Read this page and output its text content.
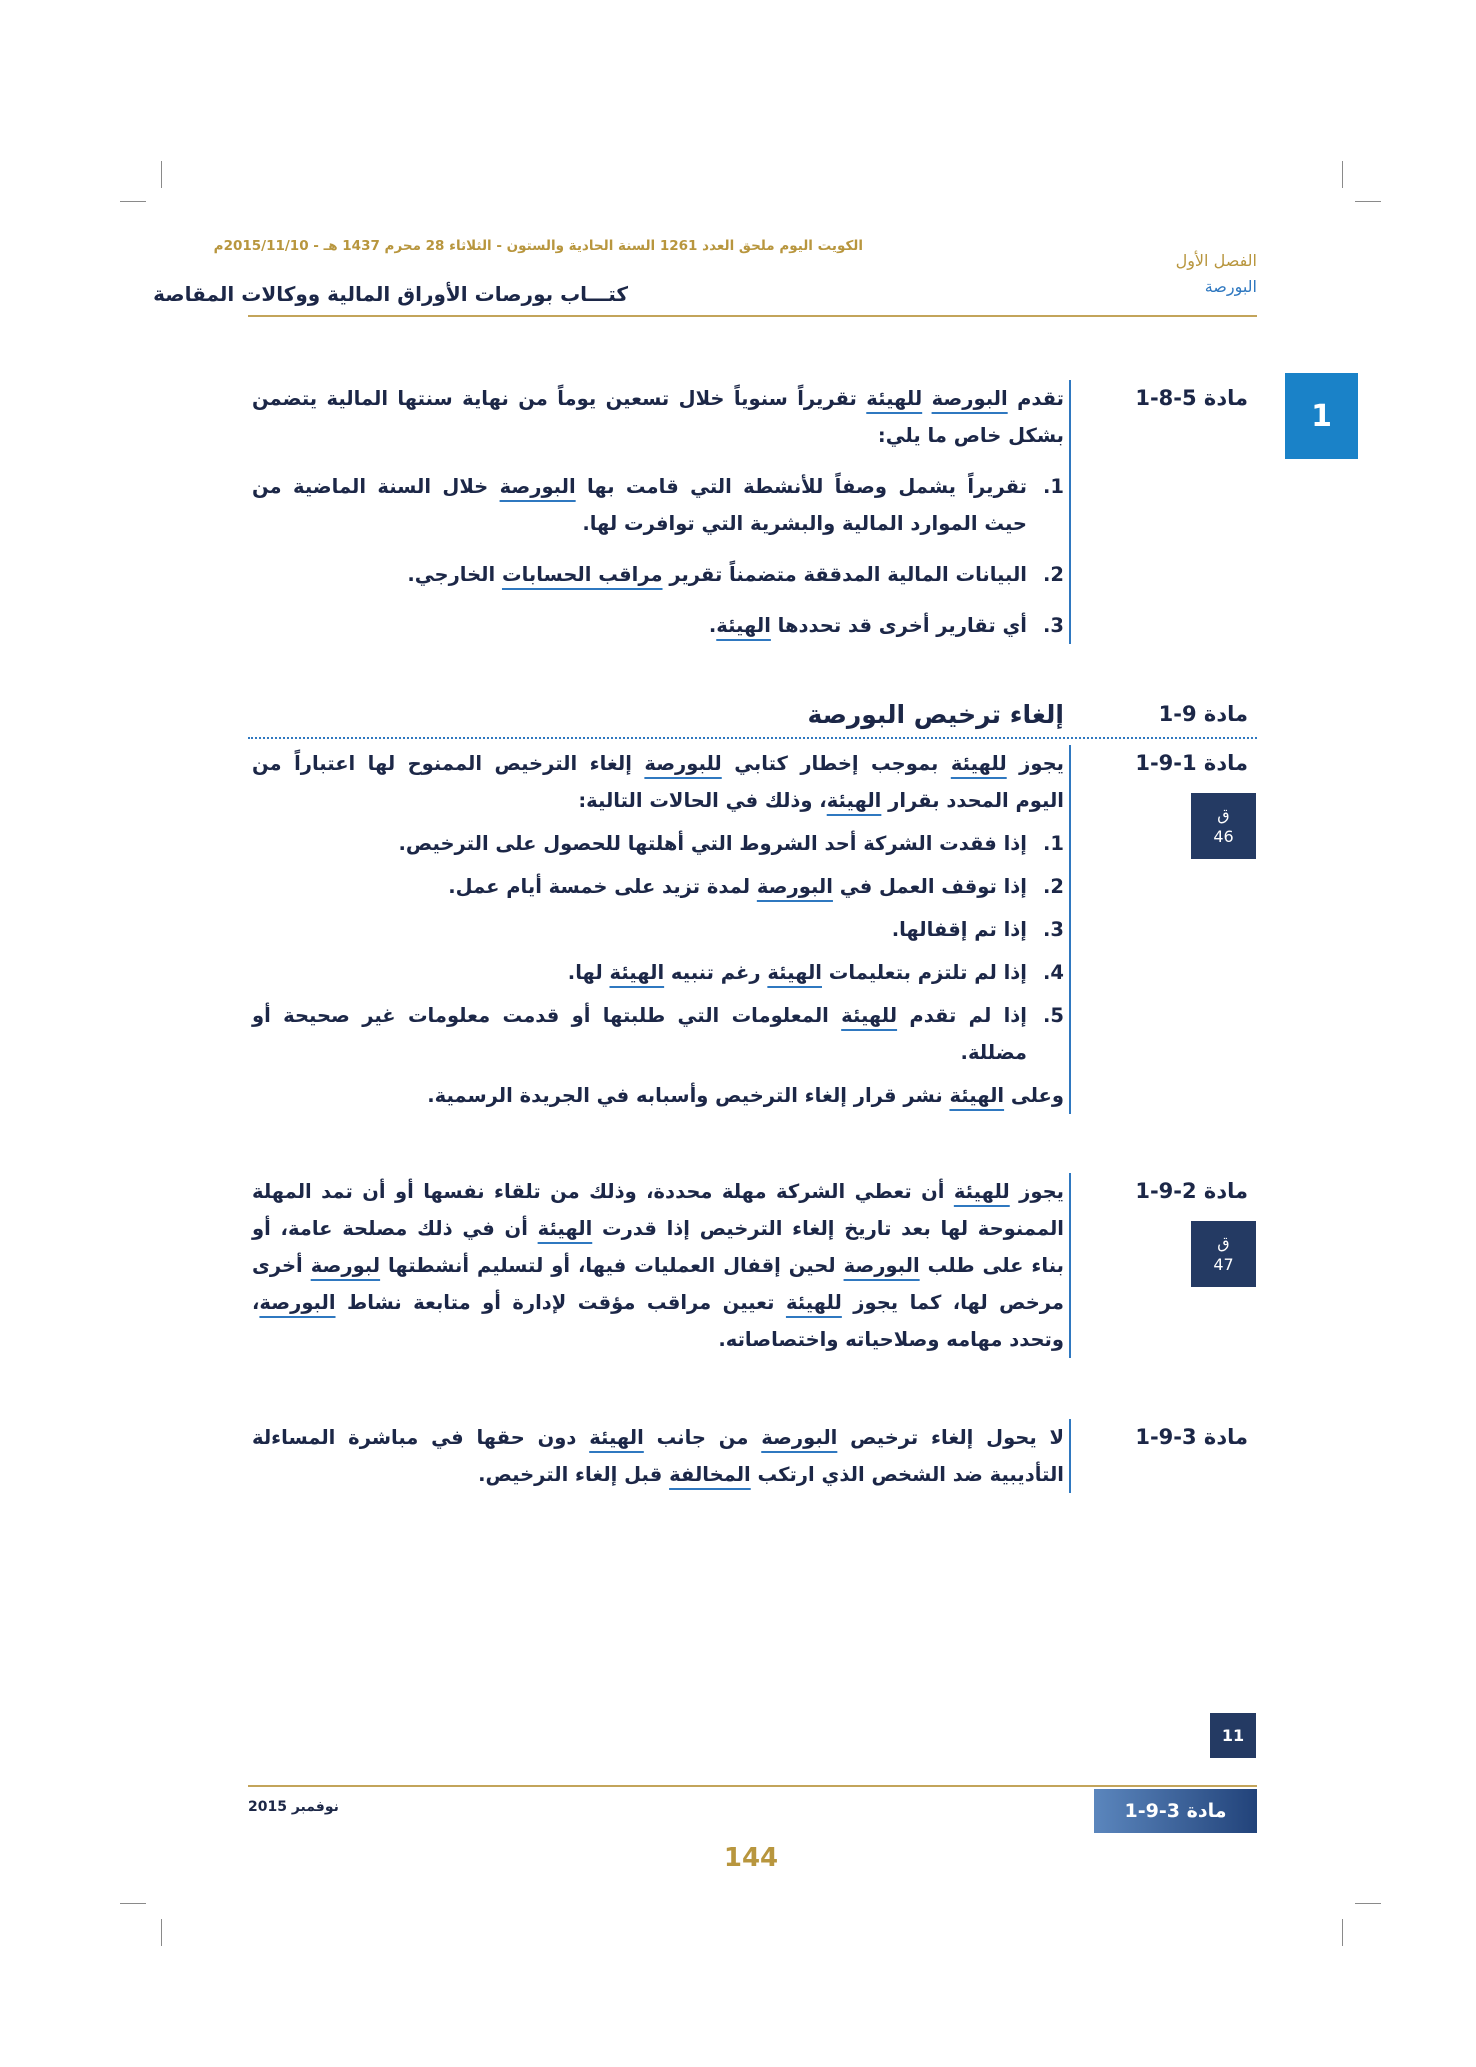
الكويت اليوم ملحق العدد 1261 السنة الحادية والستون - الثلاثاء 28 محرم 1437 هـ - 2015/11/10م
الفصل الأول
البورصة
كتـــاب بورصات الأوراق المالية ووكالات المقاصة
1
مادة 5-8-1
تقدم البورصة للهيئة تقريراً سنوياً خلال تسعين يوماً من نهاية سنتها المالية يتضمن
بشكل خاص ما يلي:
1.
تقريراً يشمل وصفاً للأنشطة التي قامت بها البورصة خلال السنة الماضية من
حيث الموارد المالية والبشرية التي توافرت لها.
2.
البيانات المالية المدققة متضمناً تقرير مراقب الحسابات الخارجي.
3.
أي تقارير أخرى قد تحددها الهيئة.
مادة 9-1
إلغاء ترخيص البورصة
مادة 1-9-1
ق
46
يجوز للهيئة بموجب إخطار كتابي للبورصة إلغاء الترخيص الممنوح لها اعتباراً من
اليوم المحدد بقرار الهيئة، وذلك في الحالات التالية:
1.
إذا فقدت الشركة أحد الشروط التي أهلتها للحصول على الترخيص.
2.
إذا توقف العمل في البورصة لمدة تزيد على خمسة أيام عمل.
3.
إذا تم إقفالها.
4.
إذا لم تلتزم بتعليمات الهيئة رغم تنبيه الهيئة لها.
5.
إذا لم تقدم للهيئة المعلومات التي طلبتها أو قدمت معلومات غير صحيحة أو
مضللة.
وعلى الهيئة نشر قرار إلغاء الترخيص وأسبابه في الجريدة الرسمية.
مادة 2-9-1
ق
47
يجوز للهيئة أن تعطي الشركة مهلة محددة، وذلك من تلقاء نفسها أو أن تمد المهلة
الممنوحة لها بعد تاريخ إلغاء الترخيص إذا قدرت الهيئة أن في ذلك مصلحة عامة، أو
بناء على طلب البورصة لحين إقفال العمليات فيها، أو لتسليم أنشطتها لبورصة أخرى
مرخص لها، كما يجوز للهيئة تعيين مراقب مؤقت لإدارة أو متابعة نشاط البورصة،
وتحدد مهامه وصلاحياته واختصاصاته.
مادة 3-9-1
لا يحول إلغاء ترخيص البورصة من جانب الهيئة دون حقها في مباشرة المساءلة
التأديبية ضد الشخص الذي ارتكب المخالفة قبل إلغاء الترخيص.
11
مادة 3-9-1
نوفمبر 2015
144
